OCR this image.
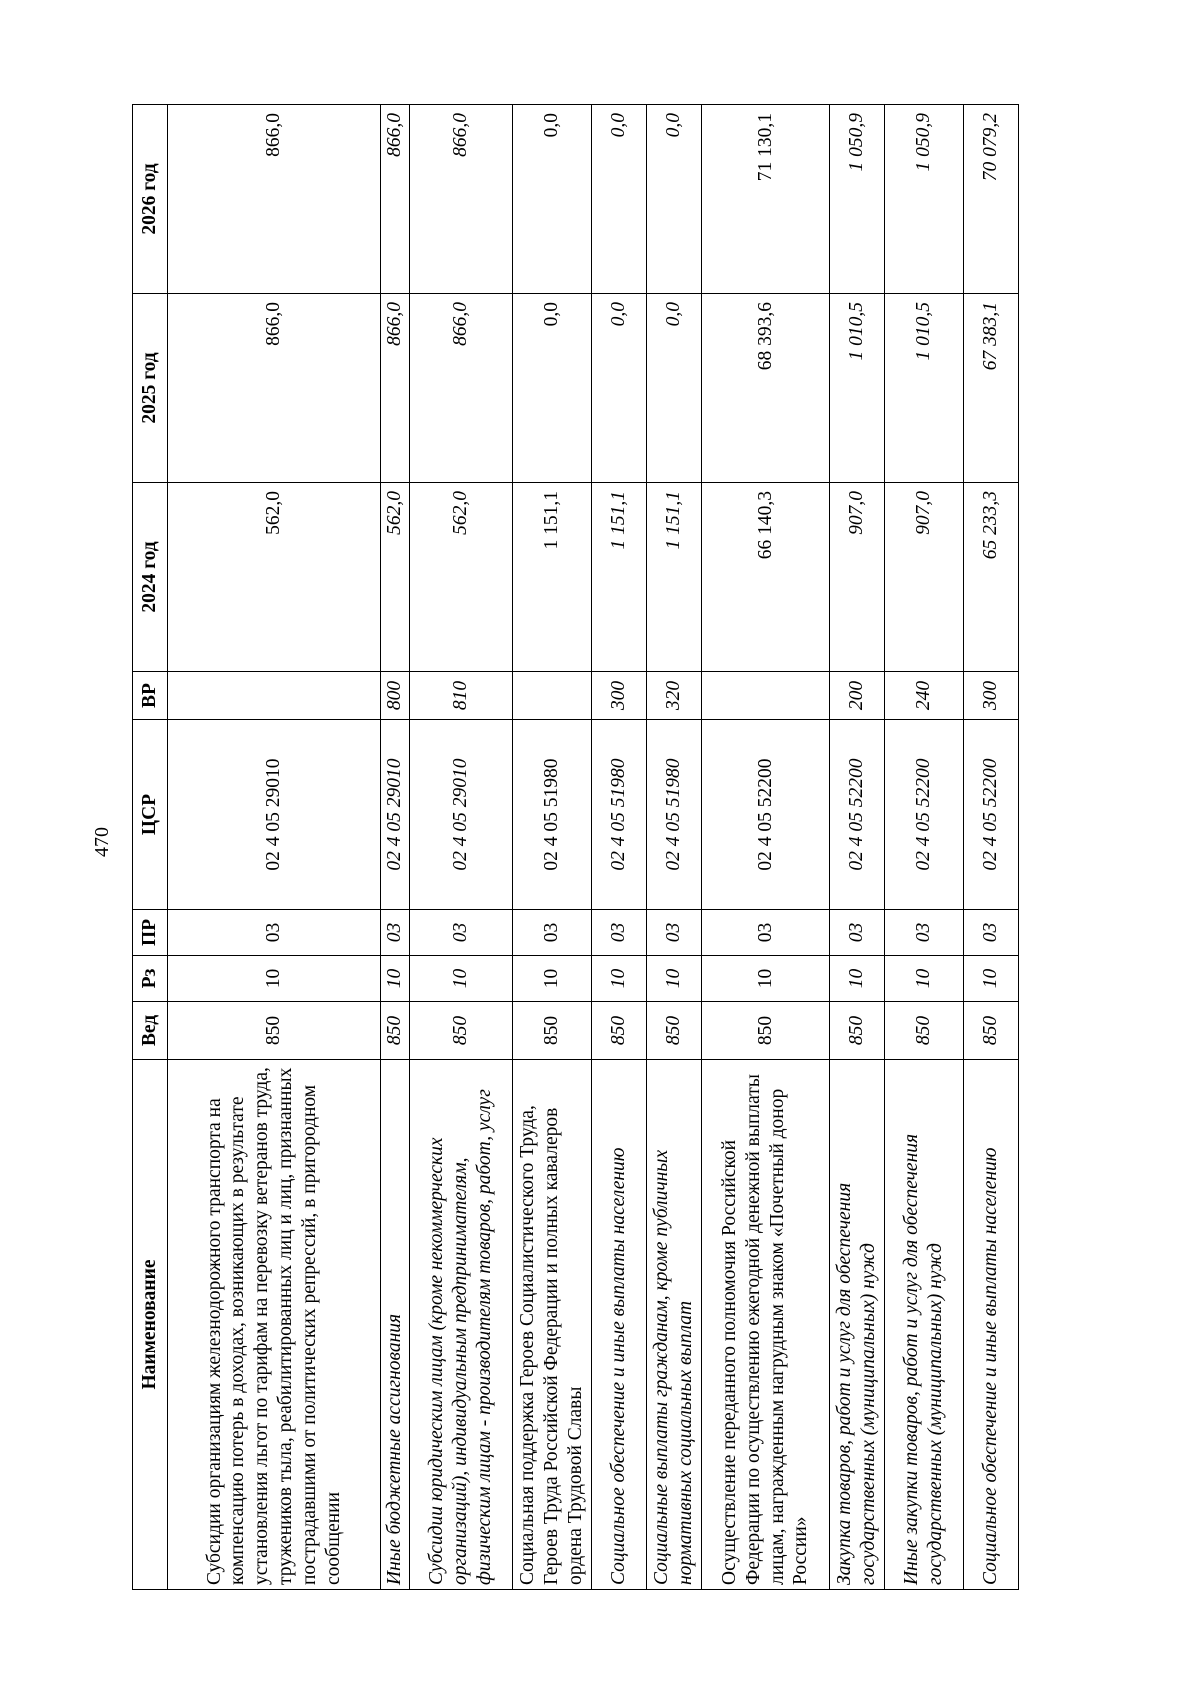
470
Наименование	Вед	Рз	ПР	ЦСР	ВР	2024 год	2025 год	2026 год
Субсидии организациям железнодорожного транспорта на компенсацию потерь в доходах, возникающих в результате установления льгот по тарифам на перевозку ветеранов труда, тружеников тыла, реабилитированных лиц и лиц, признанных пострадавшими от политических репрессий, в пригородном сообщении	850	10	03	02 4 05 29010		562,0	866,0	866,0
Иные бюджетные ассигнования	850	10	03	02 4 05 29010	800	562,0	866,0	866,0
Субсидии юридическим лицам (кроме некоммерческих организаций), индивидуальным предпринимателям, физическим лицам - производителям товаров, работ, услуг	850	10	03	02 4 05 29010	810	562,0	866,0	866,0
Социальная поддержка Героев Социалистического Труда, Героев Труда Российской Федерации и полных кавалеров ордена Трудовой Славы	850	10	03	02 4 05 51980		1 151,1	0,0	0,0
Социальное обеспечение и иные выплаты населению	850	10	03	02 4 05 51980	300	1 151,1	0,0	0,0
Социальные выплаты гражданам, кроме публичных нормативных социальных выплат	850	10	03	02 4 05 51980	320	1 151,1	0,0	0,0
Осуществление переданного полномочия Российской Федерации по осуществлению ежегодной денежной выплаты лицам, награжденным нагрудным знаком «Почетный донор России»	850	10	03	02 4 05 52200		66 140,3	68 393,6	71 130,1
Закупка товаров, работ и услуг для обеспечения государственных (муниципальных) нужд	850	10	03	02 4 05 52200	200	907,0	1 010,5	1 050,9
Иные закупки товаров, работ и услуг для обеспечения государственных (муниципальных) нужд	850	10	03	02 4 05 52200	240	907,0	1 010,5	1 050,9
Социальное обеспечение и иные выплаты населению	850	10	03	02 4 05 52200	300	65 233,3	67 383,1	70 079,2
